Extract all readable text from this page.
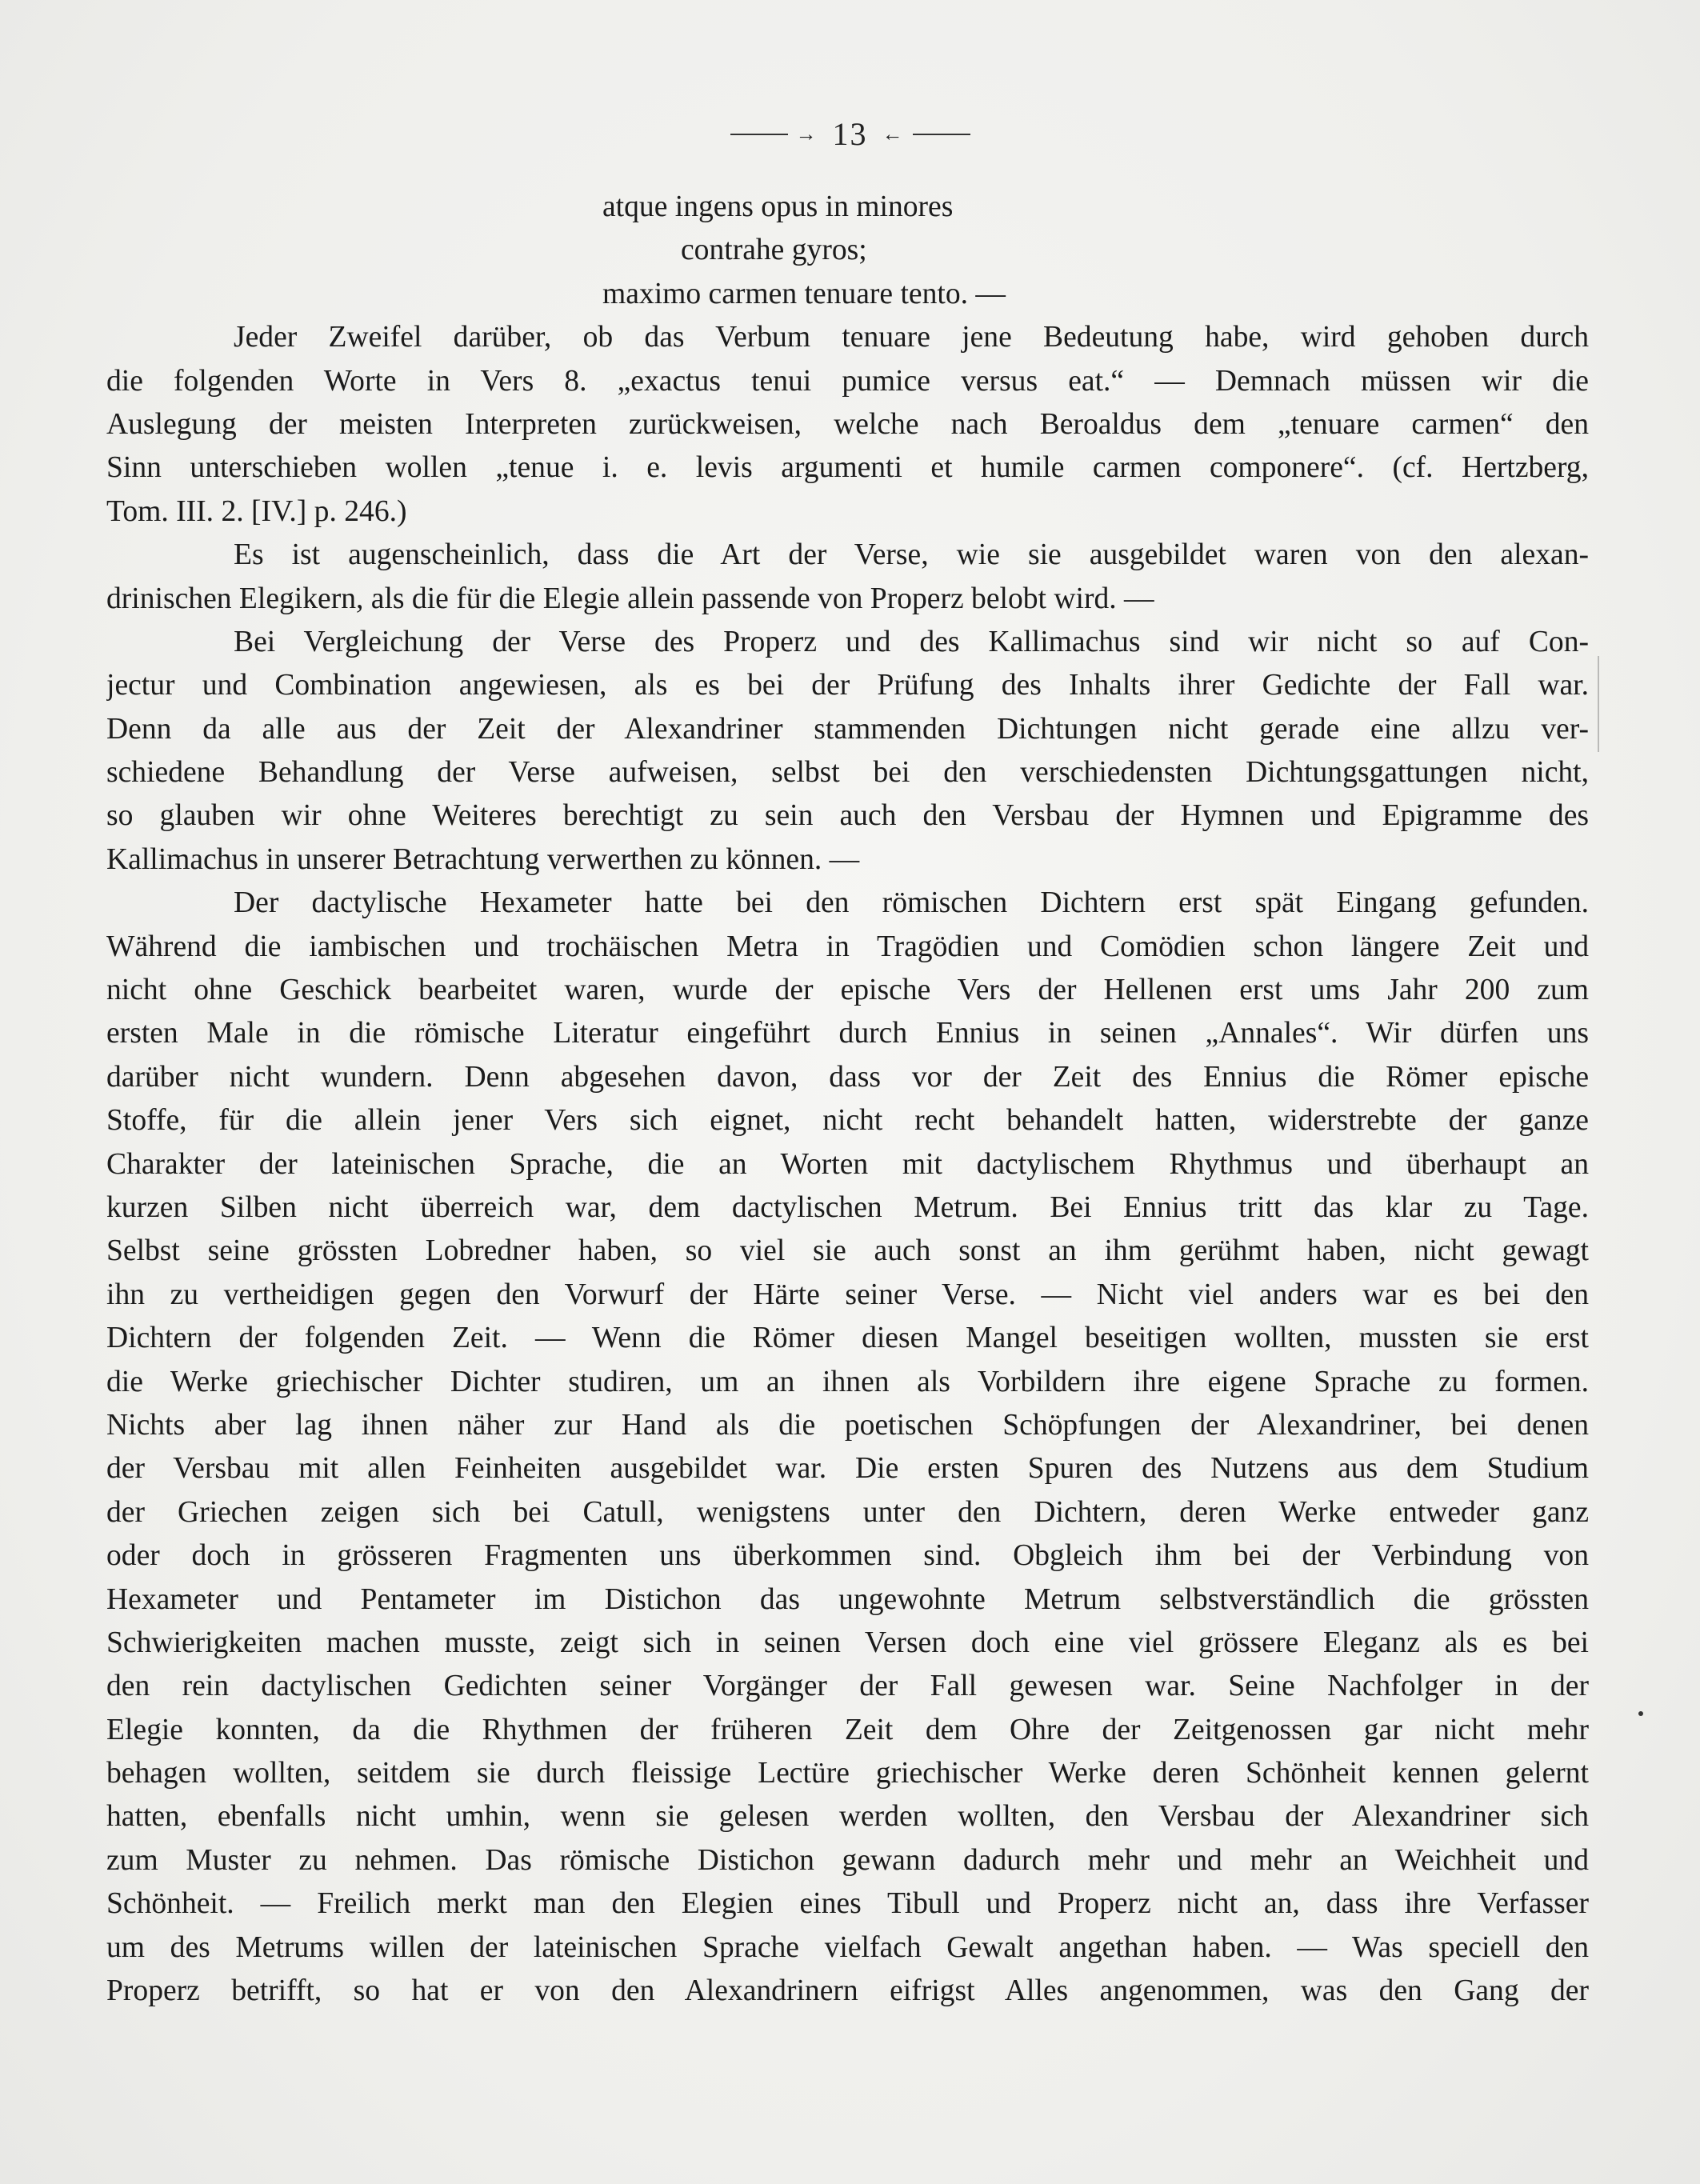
→ 13 ←
atque ingens opus in minores
contrahe gyros;
maximo carmen tenuare tento. —
Jeder Zweifel darüber, ob das Verbum tenuare jene Bedeutung habe, wird gehoben durch
die folgenden Worte in Vers 8. „exactus tenui pumice versus eat.“ — Demnach müssen wir die
Auslegung der meisten Interpreten zurückweisen, welche nach Beroaldus dem „tenuare carmen“ den
Sinn unterschieben wollen „tenue i. e. levis argumenti et humile carmen componere“. (cf. Hertzberg,
Tom. III. 2. [IV.] p. 246.)
Es ist augenscheinlich, dass die Art der Verse, wie sie ausgebildet waren von den alexan-
drinischen Elegikern, als die für die Elegie allein passende von Properz belobt wird. —
Bei Vergleichung der Verse des Properz und des Kallimachus sind wir nicht so auf Con-
jectur und Combination angewiesen, als es bei der Prüfung des Inhalts ihrer Gedichte der Fall war.
Denn da alle aus der Zeit der Alexandriner stammenden Dichtungen nicht gerade eine allzu ver-
schiedene Behandlung der Verse aufweisen, selbst bei den verschiedensten Dichtungsgattungen nicht,
so glauben wir ohne Weiteres berechtigt zu sein auch den Versbau der Hymnen und Epigramme des
Kallimachus in unserer Betrachtung verwerthen zu können. —
Der dactylische Hexameter hatte bei den römischen Dichtern erst spät Eingang gefunden.
Während die iambischen und trochäischen Metra in Tragödien und Comödien schon längere Zeit und
nicht ohne Geschick bearbeitet waren, wurde der epische Vers der Hellenen erst ums Jahr 200 zum
ersten Male in die römische Literatur eingeführt durch Ennius in seinen „Annales“. Wir dürfen uns
darüber nicht wundern. Denn abgesehen davon, dass vor der Zeit des Ennius die Römer epische
Stoffe, für die allein jener Vers sich eignet, nicht recht behandelt hatten, widerstrebte der ganze
Charakter der lateinischen Sprache, die an Worten mit dactylischem Rhythmus und überhaupt an
kurzen Silben nicht überreich war, dem dactylischen Metrum. Bei Ennius tritt das klar zu Tage.
Selbst seine grössten Lobredner haben, so viel sie auch sonst an ihm gerühmt haben, nicht gewagt
ihn zu vertheidigen gegen den Vorwurf der Härte seiner Verse. — Nicht viel anders war es bei den
Dichtern der folgenden Zeit. — Wenn die Römer diesen Mangel beseitigen wollten, mussten sie erst
die Werke griechischer Dichter studiren, um an ihnen als Vorbildern ihre eigene Sprache zu formen.
Nichts aber lag ihnen näher zur Hand als die poetischen Schöpfungen der Alexandriner, bei denen
der Versbau mit allen Feinheiten ausgebildet war. Die ersten Spuren des Nutzens aus dem Studium
der Griechen zeigen sich bei Catull, wenigstens unter den Dichtern, deren Werke entweder ganz
oder doch in grösseren Fragmenten uns überkommen sind. Obgleich ihm bei der Verbindung von
Hexameter und Pentameter im Distichon das ungewohnte Metrum selbstverständlich die grössten
Schwierigkeiten machen musste, zeigt sich in seinen Versen doch eine viel grössere Eleganz als es bei
den rein dactylischen Gedichten seiner Vorgänger der Fall gewesen war. Seine Nachfolger in der
Elegie konnten, da die Rhythmen der früheren Zeit dem Ohre der Zeitgenossen gar nicht mehr
behagen wollten, seitdem sie durch fleissige Lectüre griechischer Werke deren Schönheit kennen gelernt
hatten, ebenfalls nicht umhin, wenn sie gelesen werden wollten, den Versbau der Alexandriner sich
zum Muster zu nehmen. Das römische Distichon gewann dadurch mehr und mehr an Weichheit und
Schönheit. — Freilich merkt man den Elegien eines Tibull und Properz nicht an, dass ihre Verfasser
um des Metrums willen der lateinischen Sprache vielfach Gewalt angethan haben. — Was speciell den
Properz betrifft, so hat er von den Alexandrinern eifrigst Alles angenommen, was den Gang der
